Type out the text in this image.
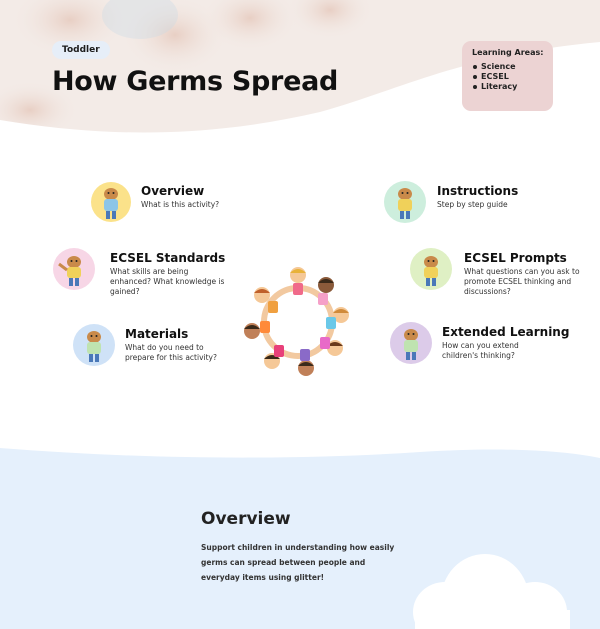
Toddler
How Germs Spread
Learning Areas:
Science
ECSEL
Literacy
Overview
What is this activity?
ECSEL Standards
What skills are being enhanced? What knowledge is gained?
Materials
What do you need to prepare for this activity?
Instructions
Step by step guide
ECSEL Prompts
What questions can you ask to promote ECSEL thinking and discussions?
Extended Learning
How can you extend children's thinking?
Overview

Support children in understanding how easily germs can spread between people and everyday items using glitter!
